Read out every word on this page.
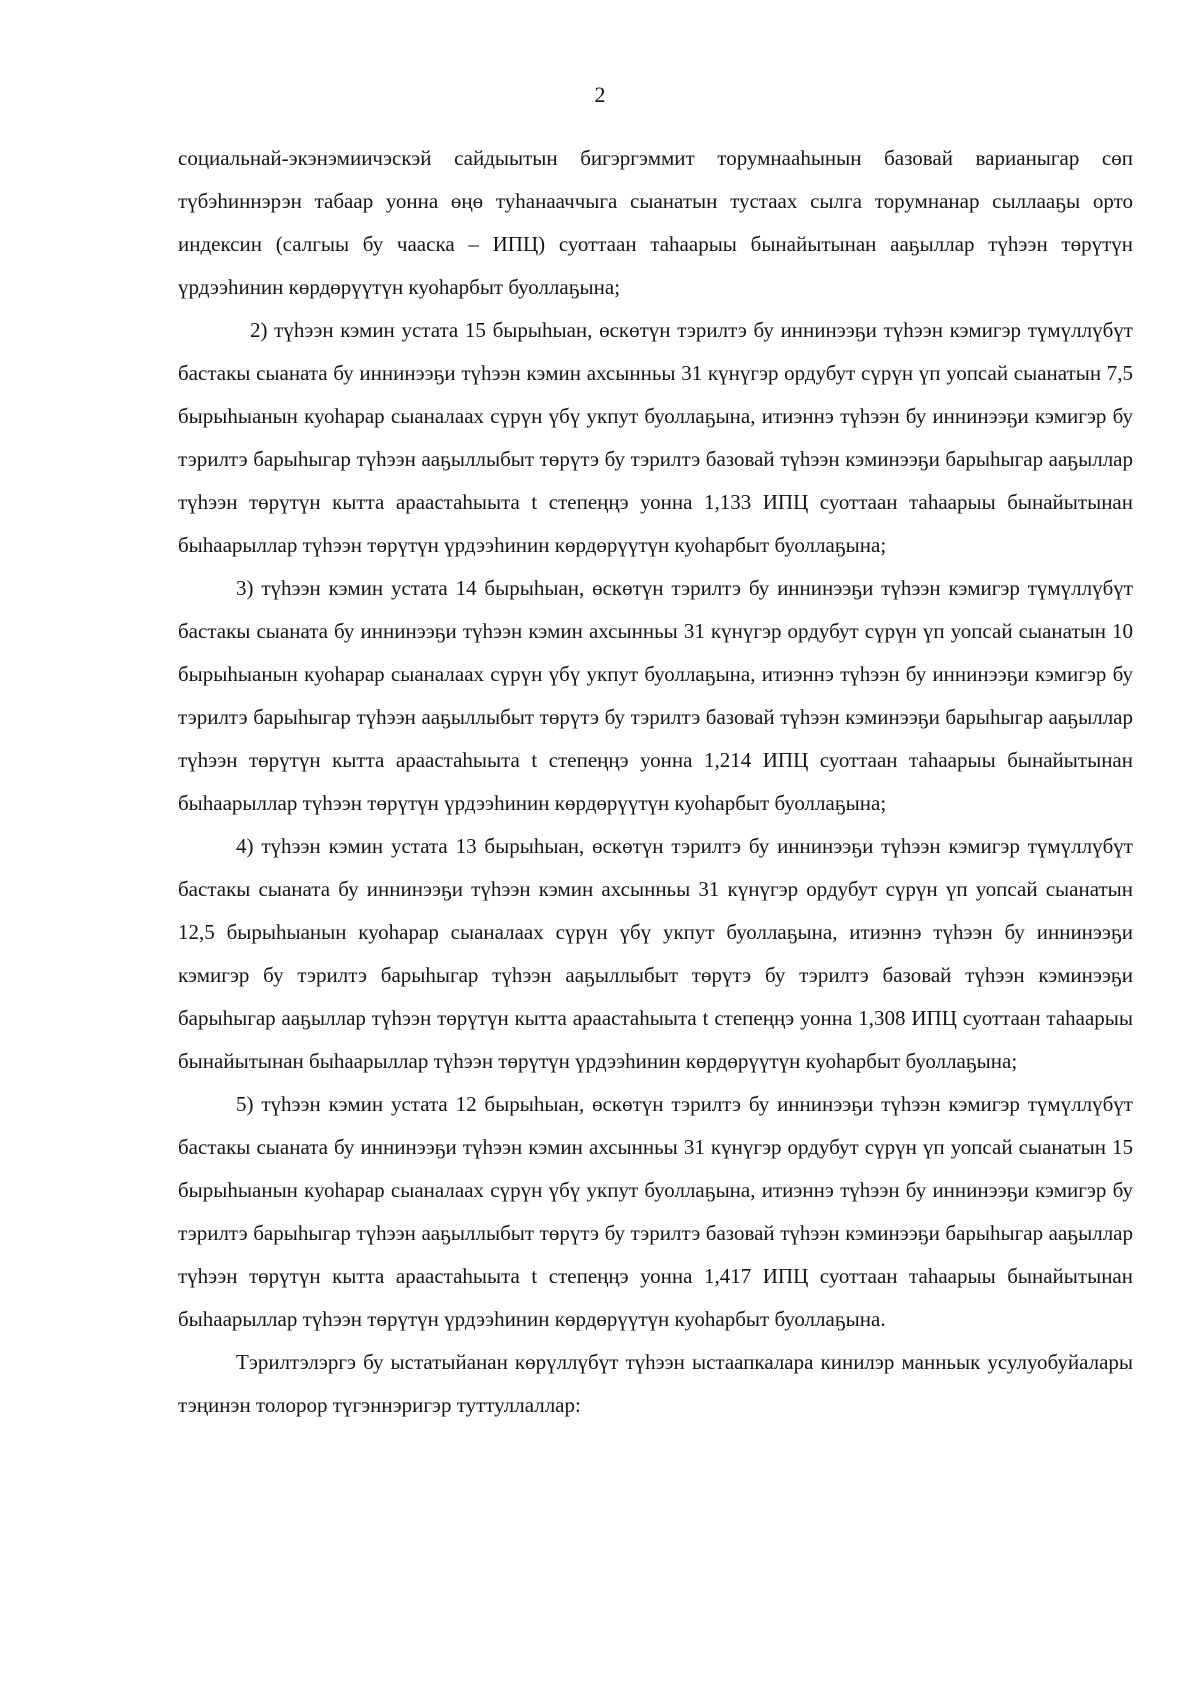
2

социальнай-экэнэмиичэскэй сайдыытын бигэргэммит торумнааһынын базовай варианыгар сөп түбэһиннэрэн табаар уонна өңө туһанааччыга сыанатын тустаах сылга торумнанар сыллааҕы орто индексин (салгыы бу чааска – ИПЦ) суоттаан таһаарыы бынайытынан ааҕыллар түһээн төрүтүн үрдээһинин көрдөрүүтүн куоһарбыт буоллаҕына;

2) түһээн кэмин устата 15 бырыһыан, өскөтүн тэрилтэ бу иннинээҕи түһээн кэмигэр түмүллүбүт бастакы сыаната бу иннинээҕи түһээн кэмин ахсынньы 31 күнүгэр ордубут сүрүн үп уопсай сыанатын 7,5 бырыһыанын куоһарар сыаналаах сүрүн үбү укпут буоллаҕына, итиэннэ түһээн бу иннинээҕи кэмигэр бу тэрилтэ барыһыгар түһээн ааҕыллыбыт төрүтэ бу тэрилтэ базовай түһээн кэминээҕи барыһыгар ааҕыллар түһээн төрүтүн кытта араастаһыыта t степеңңэ уонна 1,133 ИПЦ суоттаан таһаарыы бынайытынан быһаарыллар түһээн төрүтүн үрдээһинин көрдөрүүтүн куоһарбыт буоллаҕына;

3) түһээн кэмин устата 14 бырыһыан, өскөтүн тэрилтэ бу иннинээҕи түһээн кэмигэр түмүллүбүт бастакы сыаната бу иннинээҕи түһээн кэмин ахсынньы 31 күнүгэр ордубут сүрүн үп уопсай сыанатын 10 бырыһыанын куоһарар сыаналаах сүрүн үбү укпут буоллаҕына, итиэннэ түһээн бу иннинээҕи кэмигэр бу тэрилтэ барыһыгар түһээн ааҕыллыбыт төрүтэ бу тэрилтэ базовай түһээн кэминээҕи барыһыгар ааҕыллар түһээн төрүтүн кытта араастаһыыта t степеңңэ уонна 1,214 ИПЦ суоттаан таһаарыы бынайытынан быһаарыллар түһээн төрүтүн үрдээһинин көрдөрүүтүн куоһарбыт буоллаҕына;

4) түһээн кэмин устата 13 бырыһыан, өскөтүн тэрилтэ бу иннинээҕи түһээн кэмигэр түмүллүбүт бастакы сыаната бу иннинээҕи түһээн кэмин ахсынньы 31 күнүгэр ордубут сүрүн үп уопсай сыанатын 12,5 бырыһыанын куоһарар сыаналаах сүрүн үбү укпут буоллаҕына, итиэннэ түһээн бу иннинээҕи кэмигэр бу тэрилтэ барыһыгар түһээн ааҕыллыбыт төрүтэ бу тэрилтэ базовай түһээн кэминээҕи барыһыгар ааҕыллар түһээн төрүтүн кытта араастаһыыта t степеңңэ уонна 1,308 ИПЦ суоттаан таһаарыы бынайытынан быһаарыллар түһээн төрүтүн үрдээһинин көрдөрүүтүн куоһарбыт буоллаҕына;

5) түһээн кэмин устата 12 бырыһыан, өскөтүн тэрилтэ бу иннинээҕи түһээн кэмигэр түмүллүбүт бастакы сыаната бу иннинээҕи түһээн кэмин ахсынньы 31 күнүгэр ордубут сүрүн үп уопсай сыанатын 15 бырыһыанын куоһарар сыаналаах сүрүн үбү укпут буоллаҕына, итиэннэ түһээн бу иннинээҕи кэмигэр бу тэрилтэ барыһыгар түһээн ааҕыллыбыт төрүтэ бу тэрилтэ базовай түһээн кэминээҕи барыһыгар ааҕыллар түһээн төрүтүн кытта араастаһыыта t степеңңэ уонна 1,417 ИПЦ суоттаан таһаарыы бынайытынан быһаарыллар түһээн төрүтүн үрдээһинин көрдөрүүтүн куоһарбыт буоллаҕына.

Тэрилтэлэргэ бу ыстатыйанан көрүллүбүт түһээн ыстаапкалара кинилэр манньык усулуобуйалары тэңинэн толорор түгэннэригэр туттуллаллар:
